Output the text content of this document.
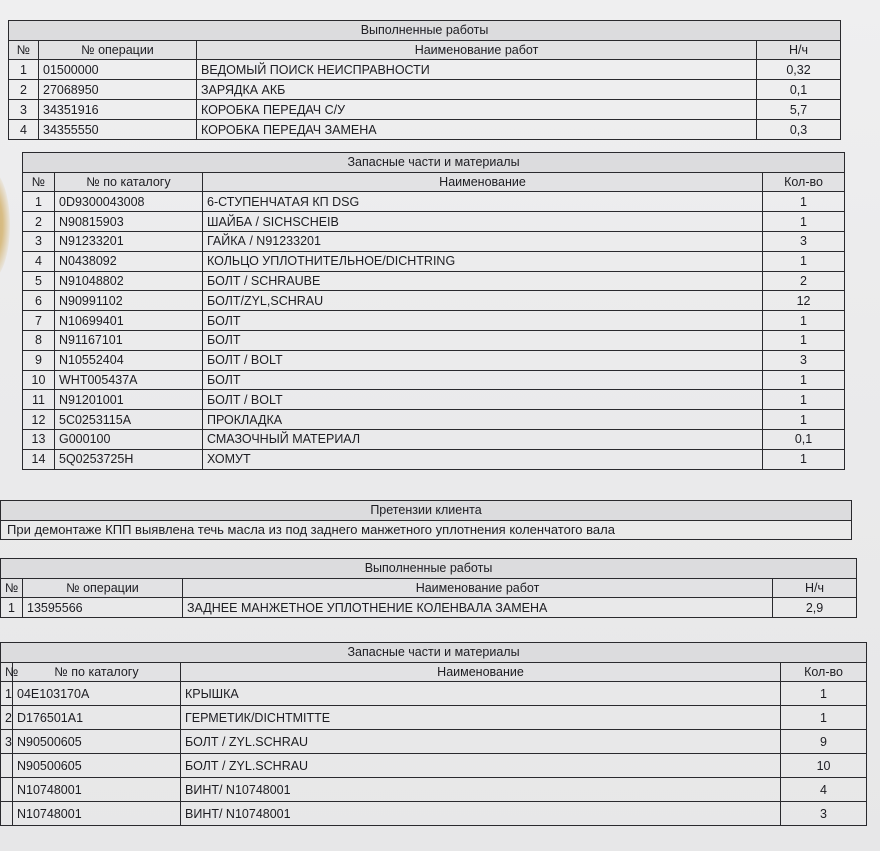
Выполненные работы			
№	№ операции	Наименование работ	Н/ч
1	01500000	ВЕДОМЫЙ ПОИСК НЕИСПРАВНОСТИ	0,32
2	27068950	ЗАРЯДКА АКБ	0,1
3	34351916	КОРОБКА ПЕРЕДАЧ С/У	5,7
4	34355550	КОРОБКА ПЕРЕДАЧ ЗАМЕНА	0,3
Запасные части и материалы			
№	№ по каталогу	Наименование	Кол-во
1	0D9300043008	6-СТУПЕНЧАТАЯ КП DSG	1
2	N90815903	ШАЙБА / SICHSCHEIB	1
3	N91233201	ГАЙКА / N91233201	3
4	N0438092	КОЛЬЦО УПЛОТНИТЕЛЬНОЕ/DICHTRING	1
5	N91048802	БОЛТ / SCHRAUBE	2
6	N90991102	БОЛТ/ZYL,SCHRAU	12
7	N10699401	БОЛТ	1
8	N91167101	БОЛТ	1
9	N10552404	БОЛТ / BOLT	3
10	WHT005437A	БОЛТ	1
11	N91201001	БОЛТ / BOLT	1
12	5C0253115A	ПРОКЛАДКА	1
13	G000100	СМАЗОЧНЫЙ МАТЕРИАЛ	0,1
14	5Q0253725H	ХОМУТ	1
Претензии клиента
При демонтаже КПП выявлена течь масла из под заднего манжетного уплотнения коленчатого вала
Выполненные работы			
№	№ операции	Наименование работ	Н/ч
1	13595566	ЗАДНЕЕ МАНЖЕТНОЕ УПЛОТНЕНИЕ КОЛЕНВАЛА ЗАМЕНА	2,9
Запасные части и материалы			
№	№ по каталогу	Наименование	Кол-во
1	04E103170A	КРЫШКА	1
2	D176501A1	ГЕРМЕТИК/DICHTMITTE	1
3	N90500605	БОЛТ / ZYL.SCHRAU	9
	N90500605	БОЛТ / ZYL.SCHRAU	10
	N10748001	ВИНТ/ N10748001	4
	N10748001	ВИНТ/ N10748001	3
